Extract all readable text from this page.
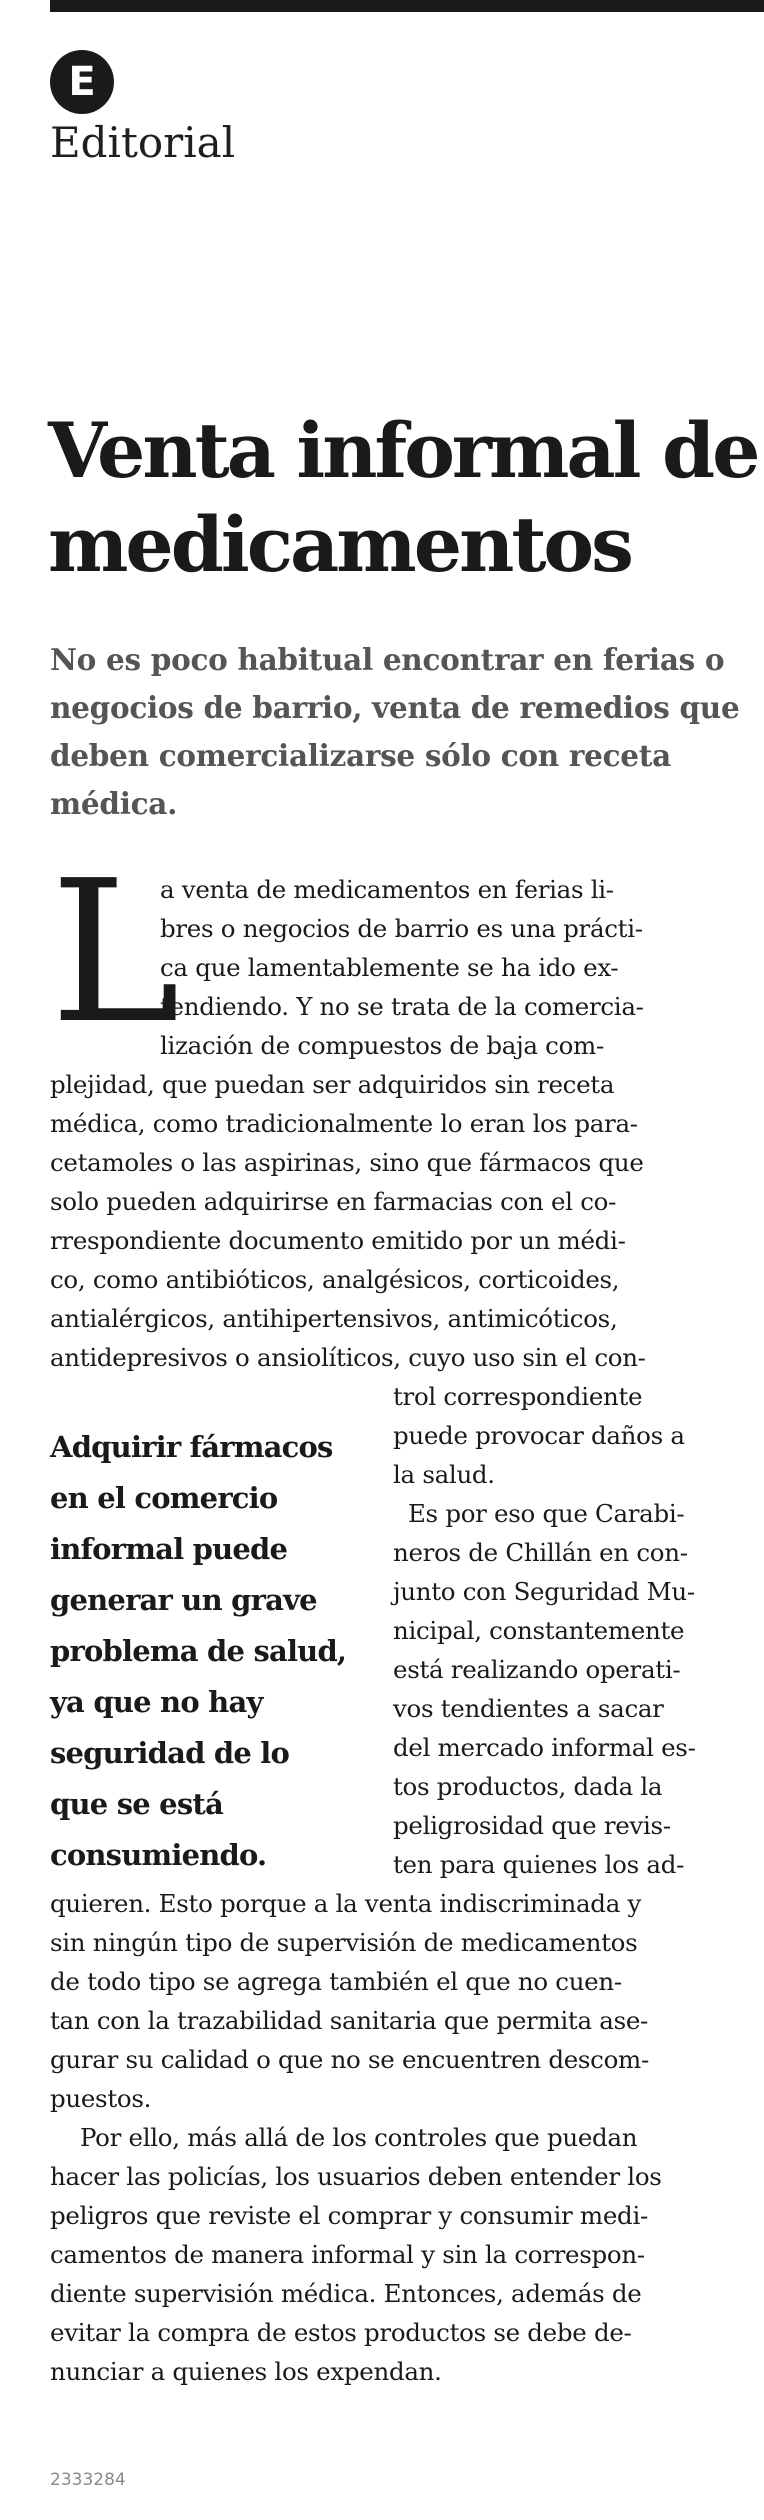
E
Editorial
Venta informal de
medicamentos
No es poco habitual encontrar en ferias o
negocios de barrio, venta de remedios que
deben comercializarse sólo con receta
médica.
L
a venta de medicamentos en ferias li-
bres o negocios de barrio es una prácti-
ca que lamentablemente se ha ido ex-
tendiendo. Y no se trata de la comercia-
lización de compuestos de baja com-
plejidad, que puedan ser adquiridos sin receta
médica, como tradicionalmente lo eran los para-
cetamoles o las aspirinas, sino que fármacos que
solo pueden adquirirse en farmacias con el co-
rrespondiente documento emitido por un médi-
co, como antibióticos, analgésicos, corticoides,
antialérgicos, antihipertensivos, antimicóticos,
antidepresivos o ansiolíticos, cuyo uso sin el con-
Adquirir fármacos
en el comercio
informal puede
generar un grave
problema de salud,
ya que no hay
seguridad de lo
que se está
consumiendo.
trol correspondiente
puede provocar daños a
la salud.
Es por eso que Carabi-
neros de Chillán en con-
junto con Seguridad Mu-
nicipal, constantemente
está realizando operati-
vos tendientes a sacar
del mercado informal es-
tos productos, dada la
peligrosidad que revis-
ten para quienes los ad-
quieren. Esto porque a la venta indiscriminada y
sin ningún tipo de supervisión de medicamentos
de todo tipo se agrega también el que no cuen-
tan con la trazabilidad sanitaria que permita ase-
gurar su calidad o que no se encuentren descom-
puestos.
Por ello, más allá de los controles que puedan
hacer las policías, los usuarios deben entender los
peligros que reviste el comprar y consumir medi-
camentos de manera informal y sin la correspon-
diente supervisión médica. Entonces, además de
evitar la compra de estos productos se debe de-
nunciar a quienes los expendan.
2333284
